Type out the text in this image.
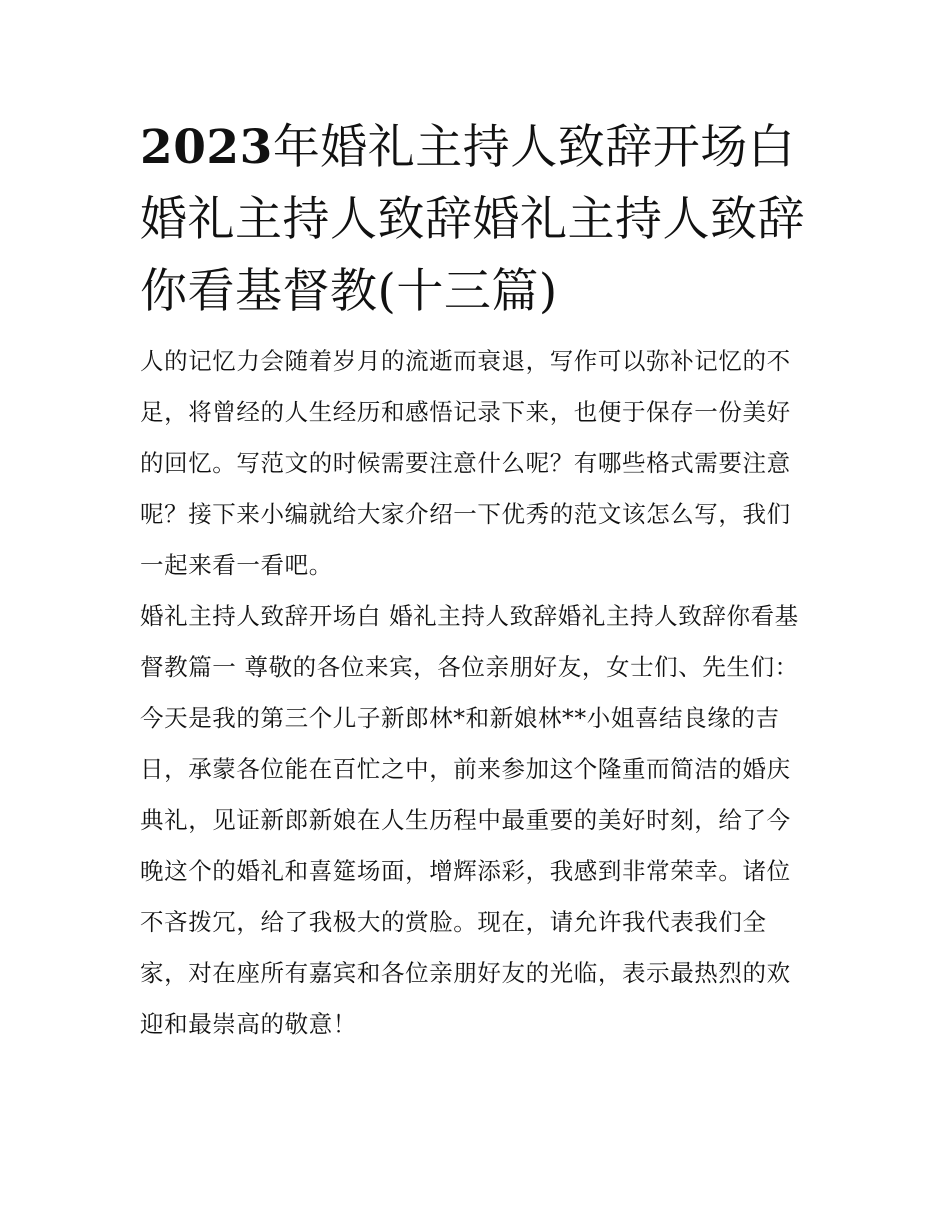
2023年婚礼主持人致辞开场白 婚礼主持人致辞婚礼主持人致辞你看基督教(十三篇)

人的记忆力会随着岁月的流逝而衰退，写作可以弥补记忆的不足，将曾经的人生经历和感悟记录下来，也便于保存一份美好的回忆。写范文的时候需要注意什么呢？有哪些格式需要注意呢？接下来小编就给大家介绍一下优秀的范文该怎么写，我们一起来看一看吧。

婚礼主持人致辞开场白 婚礼主持人致辞婚礼主持人致辞你看基督教篇一 尊敬的各位来宾，各位亲朋好友，女士们、先生们：

今天是我的第三个儿子新郎林*和新娘林**小姐喜结良缘的吉日，承蒙各位能在百忙之中，前来参加这个隆重而简洁的婚庆典礼，见证新郎新娘在人生历程中最重要的美好时刻，给了今晚这个的婚礼和喜筵场面，增辉添彩，我感到非常荣幸。诸位不吝拨冗，给了我极大的赏脸。现在，请允许我代表我们全家，对在座所有嘉宾和各位亲朋好友的光临，表示最热烈的欢迎和最崇高的敬意！
